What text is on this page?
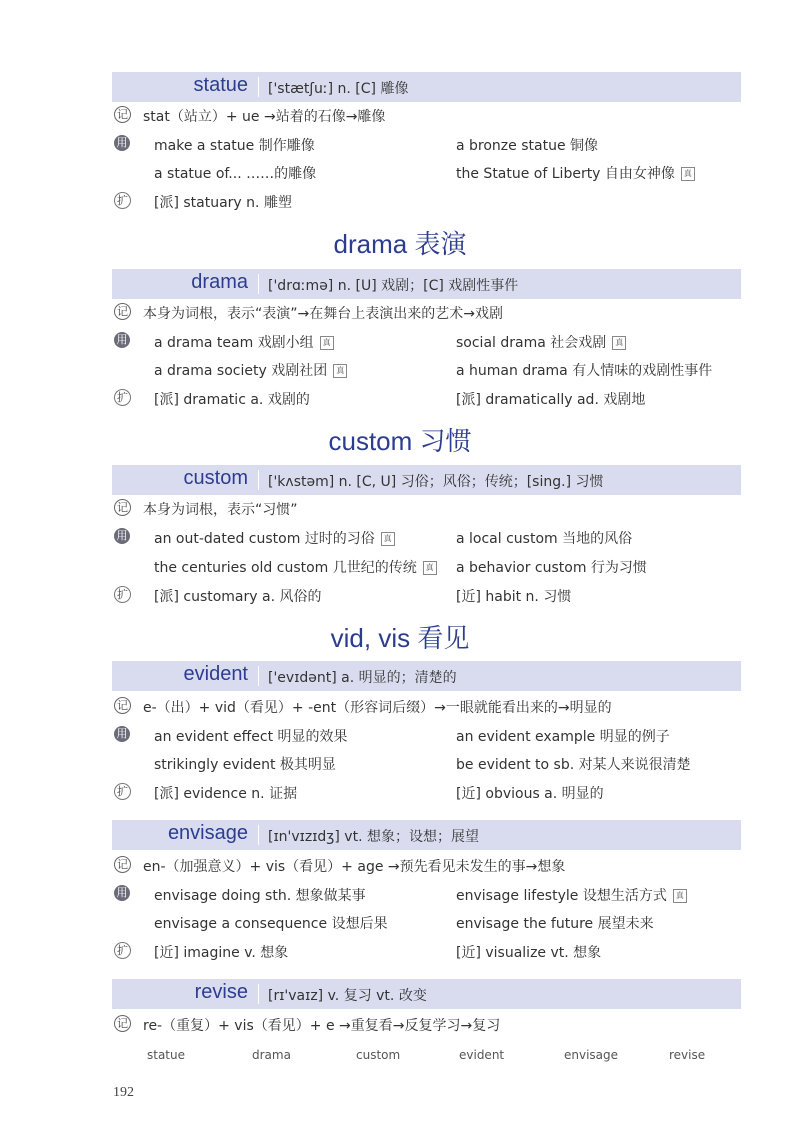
statue ['stætʃuː] n. [C] 雕像
记 stat（站立）+ ue →站着的石像→雕像
用 make a statue 制作雕像	a bronze statue 铜像
a statue of... ……的雕像	the Statue of Liberty 自由女神像 真
扩 [派] statuary n. 雕塑
drama 表演
drama ['drɑːmə] n. [U] 戏剧；[C] 戏剧性事件
记 本身为词根，表示“表演”→在舞台上表演出来的艺术→戏剧
用 a drama team 戏剧小组 真	social drama 社会戏剧 真
a drama society 戏剧社团 真	a human drama 有人情味的戏剧性事件
扩 [派] dramatic a. 戏剧的	[派] dramatically ad. 戏剧地
custom 习惯
custom ['kʌstəm] n. [C, U] 习俗；风俗；传统；[sing.] 习惯
记 本身为词根，表示“习惯”
用 an out-dated custom 过时的习俗 真	a local custom 当地的风俗
the centuries old custom 几世纪的传统 真 a behavior custom 行为习惯
扩 [派] customary a. 风俗的	[近] habit n. 习惯
vid, vis 看见
evident ['evɪdənt] a. 明显的；清楚的
记 e-（出）+ vid（看见）+ -ent（形容词后缀）→一眼就能看出来的→明显的
用 an evident effect 明显的效果	an evident example 明显的例子
strikingly evident 极其明显	be evident to sb. 对某人来说很清楚
扩 [派] evidence n. 证据	[近] obvious a. 明显的
envisage [ɪn'vɪzɪdʒ] vt. 想象；设想；展望
记 en-（加强意义）+ vis（看见）+ age →预先看见未发生的事→想象
用 envisage doing sth. 想象做某事	envisage lifestyle 设想生活方式 真
envisage a consequence 设想后果	envisage the future 展望未来
扩 [近] imagine v. 想象	[近] visualize vt. 想象
revise [rɪ'vaɪz] v. 复习 vt. 改变
记 re-（重复）+ vis（看见）+ e →重复看→反复学习→复习
statue	drama	custom	evident	envisage	revise
192
